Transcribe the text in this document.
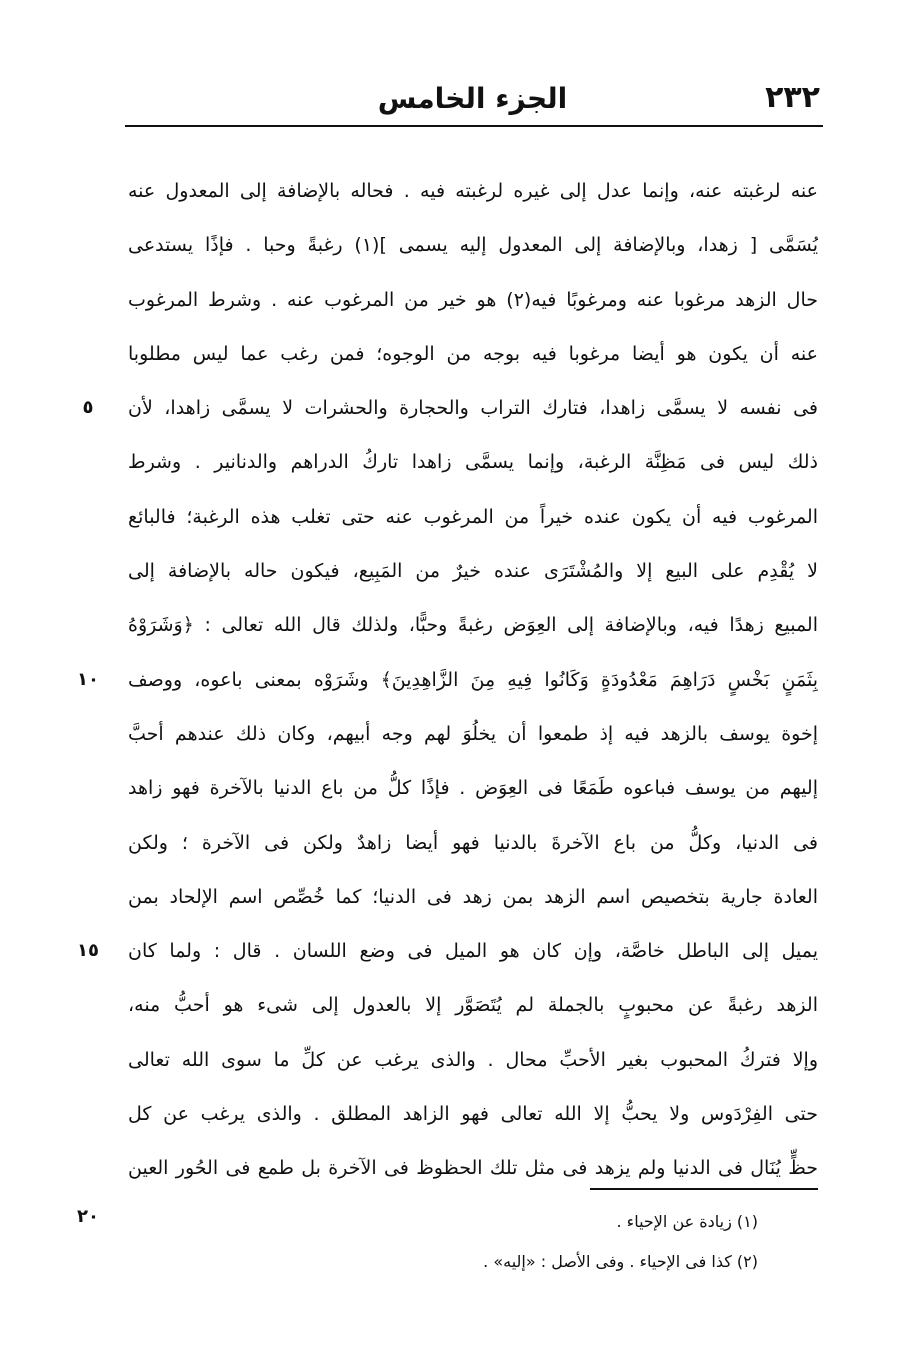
٢٣٢
الجزء الخامس
عنه لرغبته عنه، وإنما عدل إلى غيره لرغبته فيه . فحاله بالإضافة إلى المعدول عنه
يُسَمَّى [ زهدا، وبالإضافة إلى المعدول إليه يسمى ](١) رغبةً وحبا . فإذًا يستدعى
حال الزهد مرغوبا عنه ومرغوبًا فيه(٢) هو خير من المرغوب عنه . وشرط المرغوب
عنه أن يكون هو أيضا مرغوبا فيه بوجه من الوجوه؛ فمن رغب عما ليس مطلوبا
فى نفسه لا يسمَّى زاهدا، فتارك التراب والحجارة والحشرات لا يسمَّى زاهدا، لأن
ذلك ليس فى مَظِنَّة الرغبة، وإنما يسمَّى زاهدا تاركُ الدراهم والدنانير . وشرط
المرغوب فيه أن يكون عنده خيراً من المرغوب عنه حتى تغلب هذه الرغبة؛ فالبائع
لا يُقْدِم على البيع إلا والمُشْتَرَى عنده خيرٌ من المَبِيع، فيكون حاله بالإضافة إلى
المبيع زهدًا فيه، وبالإضافة إلى العِوَض رغبةً وحبًّا، ولذلك قال الله تعالى : ﴿وَشَرَوْهُ
بِثَمَنٍ بَخْسٍ دَرَاهِمَ مَعْدُودَةٍ وَكَانُوا فِيهِ مِنَ الزَّاهِدِينَ﴾ وشَرَوْه بمعنى باعوه، ووصف
إخوة يوسف بالزهد فيه إذ طمعوا أن يخلُوَ لهم وجه أبيهم، وكان ذلك عندهم أحبَّ
إليهم من يوسف فباعوه طَمَعًا فى العِوَض . فإذًا كلُّ من باع الدنيا بالآخرة فهو زاهد
فى الدنيا، وكلُّ من باع الآخرةَ بالدنيا فهو أيضا زاهدٌ ولكن فى الآخرة ؛ ولكن
العادة جارية بتخصيص اسم الزهد بمن زهد فى الدنيا؛ كما خُصِّص اسم الإلحاد بمن
يميل إلى الباطل خاصَّة، وإن كان هو الميل فى وضع اللسان . قال : ولما كان
الزهد رغبةً عن محبوبٍ بالجملة لم يُتَصَوَّر إلا بالعدول إلى شىء هو أحبُّ منه،
وإلا فتركُ المحبوب بغير الأحبِّ محال . والذى يرغب عن كلِّ ما سوى الله تعالى
حتى الفِرْدَوس ولا يحبُّ إلا الله تعالى فهو الزاهد المطلق . والذى يرغب عن كل
حظٍّ يُنَال فى الدنيا ولم يزهد فى مثل تلك الحظوظ فى الآخرة بل طمع فى الحُور العين
٥
١٠
١٥
٢٠	(١) زيادة عن الإحياء .
(٢) كذا فى الإحياء . وفى الأصل : «إليه» .
